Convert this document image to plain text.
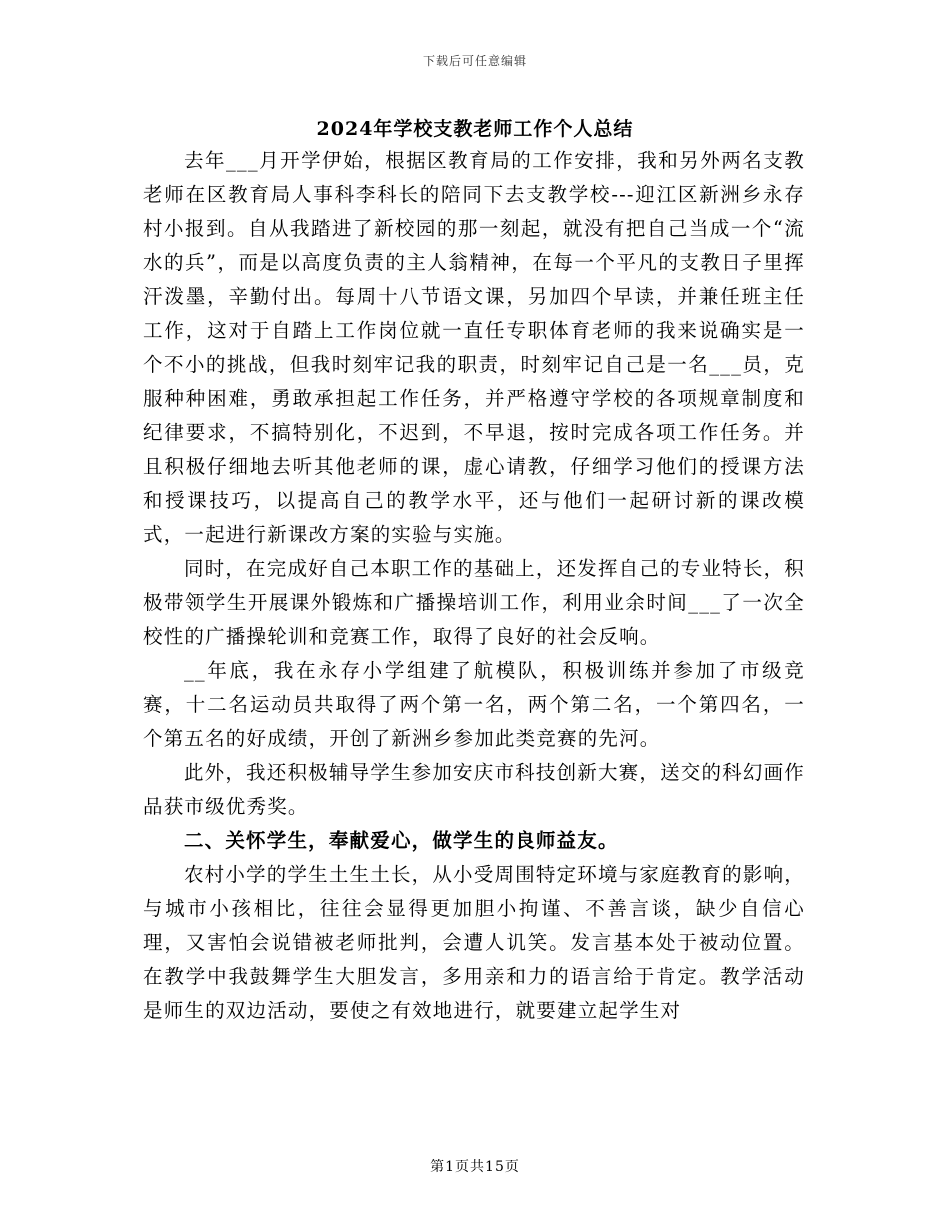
下载后可任意编辑
2024年学校支教老师工作个人总结

去年___月开学伊始，根据区教育局的工作安排，我和另外两名支教老师在区教育局人事科李科长的陪同下去支教学校---迎江区新洲乡永存村小报到。自从我踏进了新校园的那一刻起，就没有把自己当成一个“流水的兵”，而是以高度负责的主人翁精神，在每一个平凡的支教日子里挥汗泼墨，辛勤付出。每周十八节语文课，另加四个早读，并兼任班主任工作，这对于自踏上工作岗位就一直任专职体育老师的我来说确实是一个不小的挑战，但我时刻牢记我的职责，时刻牢记自己是一名___员，克服种种困难，勇敢承担起工作任务，并严格遵守学校的各项规章制度和纪律要求，不搞特别化，不迟到，不早退，按时完成各项工作任务。并且积极仔细地去听其他老师的课，虚心请教，仔细学习他们的授课方法和授课技巧，以提高自己的教学水平，还与他们一起研讨新的课改模式，一起进行新课改方案的实验与实施。

同时，在完成好自己本职工作的基础上，还发挥自己的专业特长，积极带领学生开展课外锻炼和广播操培训工作，利用业余时间___了一次全校性的广播操轮训和竞赛工作，取得了良好的社会反响。

__年底，我在永存小学组建了航模队，积极训练并参加了市级竞赛，十二名运动员共取得了两个第一名，两个第二名，一个第四名，一个第五名的好成绩，开创了新洲乡参加此类竞赛的先河。

此外，我还积极辅导学生参加安庆市科技创新大赛，送交的科幻画作品获市级优秀奖。

二、关怀学生，奉献爱心，做学生的良师益友。

农村小学的学生土生土长，从小受周围特定环境与家庭教育的影响，与城市小孩相比，往往会显得更加胆小拘谨、不善言谈，缺少自信心理，又害怕会说错被老师批判，会遭人讥笑。发言基本处于被动位置。在教学中我鼓舞学生大胆发言，多用亲和力的语言给于肯定。教学活动是师生的双边活动，要使之有效地进行，就要建立起学生对

第1页共15页
